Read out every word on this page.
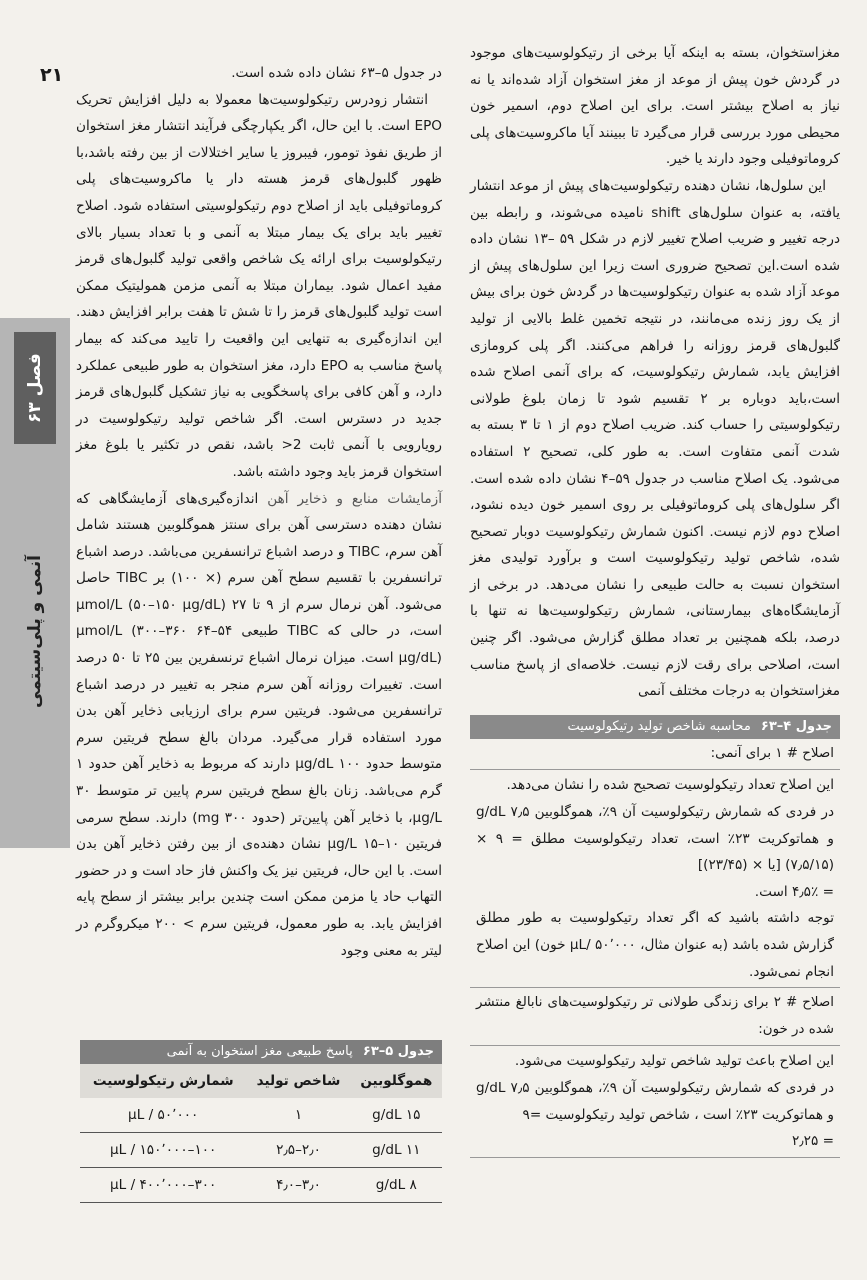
۲۱
فصل ۶۳
آنمی و پلی‌سیتمی

مغزاستخوان، بسته به اینکه آیا برخی از رتیکولوسیت‌های موجود در گردش خون پیش از موعد از مغز استخوان آزاد شده‌اند یا نه نیاز به اصلاح بیشتر است. برای این اصلاح دوم، اسمیر خون محیطی مورد بررسی قرار می‌گیرد تا ببینند آیا ماکروسیت‌های پلی کروماتوفیلی وجود دارند یا خیر.

این سلول‌ها، نشان دهنده رتیکولوسیت‌های پیش از موعد انتشار یافته، به عنوان سلول‌های shift نامیده می‌شوند، و رابطه بین درجه تغییر و ضریب اصلاح تغییر لازم در شکل ۵۹ –۱۳ نشان داده شده است.این تصحیح ضروری است زیرا این سلول‌های پیش از موعد آزاد شده به عنوان رتیکولوسیت‌ها در گردش خون برای بیش از یک روز زنده می‌مانند، در نتیجه تخمین غلط بالایی از تولید گلبول‌های قرمز روزانه را فراهم می‌کنند. اگر پلی کرومازی افزایش یابد، شمارش رتیکولوسیت، که برای آنمی اصلاح شده است،باید دوباره بر ۲ تقسیم شود تا زمان بلوغ طولانی رتیکولوسیتی را حساب کند. ضریب اصلاح دوم از ۱ تا ۳ بسته به شدت آنمی متفاوت است. به طور کلی، تصحیح ۲ استفاده می‌شود. یک اصلاح مناسب در جدول ۵۹–۴ نشان داده شده است. اگر سلول‌های پلی کروماتوفیلی بر روی اسمیر خون دیده نشود، اصلاح دوم لازم نیست. اکنون شمارش رتیکولوسیت دوبار تصحیح شده، شاخص تولید رتیکولوسیت است و برآورد تولیدی مغز استخوان نسبت به حالت طبیعی را نشان می‌دهد. در برخی از آزمایشگاه‌های بیمارستانی، شمارش رتیکولوسیت‌ها نه تنها با درصد، بلکه همچنین بر تعداد مطلق گزارش می‌شود. اگر چنین است، اصلاحی برای رقت لازم نیست. خلاصه‌ای از پاسخ مناسب مغزاستخوان به درجات مختلف آنمی

جدول ۴–۶۳ محاسبه شاخص تولید رتیکولوسیت

اصلاح # ۱ برای آنمی:

این اصلاح تعداد رتیکولوسیت تصحیح شده را نشان می‌دهد.

در فردی که شمارش رتیکولوسیت آن ۹٪، هموگلوبین ۷٫۵ g/dL و هماتوکریت ۲۳٪ است، تعداد رتیکولوسیت مطلق = ۹ × (۷٫۵/۱۵) [یا × (۲۳/۴۵)]

= ۴٫۵٪ است.

توجه داشته باشید که اگر تعداد رتیکولوسیت به طور مطلق گزارش شده باشد (به عنوان مثال، ۵۰٬۰۰۰ /µL خون) این اصلاح انجام نمی‌شود.

اصلاح # ۲ برای زندگی طولانی تر رتیکولوسیت‌های نابالغ منتشر شده در خون:

این اصلاح باعث تولید شاخص تولید رتیکولوسیت می‌شود.

در فردی که شمارش رتیکولوسیت آن ۹٪، هموگلوبین ۷٫۵ g/dL و هماتوکریت ۲۳٪ است ، شاخص تولید رتیکولوسیت =۹

= ۲٫۲۵

در جدول ۵–۶۳ نشان داده شده است.

انتشار زودرس رتیکولوسیت‌ها معمولا به دلیل افزایش تحریک EPO است. با این حال، اگر یکپارچگی فرآیند انتشار مغز استخوان از طریق نفوذ تومور، فیبروز یا سایر اختلالات از بین رفته باشد،با ظهور گلبول‌های قرمز هسته دار یا ماکروسیت‌های پلی کروماتوفیلی باید از اصلاح دوم رتیکولوسیتی استفاده شود. اصلاح تغییر باید برای یک بیمار مبتلا به آنمی و با تعداد بسیار بالای رتیکولوسیت برای ارائه یک شاخص واقعی تولید گلبول‌های قرمز مفید اعمال شود. بیماران مبتلا به آنمی مزمن همولیتیک ممکن است تولید گلبول‌های قرمز را تا شش تا هفت برابر افزایش دهند. این اندازه‌گیری به تنهایی این واقعیت را تایید می‌کند که بیمار پاسخ مناسب به EPO دارد، مغز استخوان به طور طبیعی عملکرد دارد، و آهن کافی برای پاسخگویی به نیاز تشکیل گلبول‌های قرمز جدید در دسترس است. اگر شاخص تولید رتیکولوسیت در رویارویی با آنمی ثابت ‎>2‎ باشد، نقص در تکثیر یا بلوغ مغز استخوان قرمز باید وجود داشته باشد.

آزمایشات منابع و ذخایر آهن اندازه‌گیری‌های آزمایشگاهی که نشان دهنده دسترسی آهن برای سنتز هموگلوبین هستند شامل آهن سرم، TIBC و درصد اشباع ترانسفرین می‌باشد. درصد اشباع ترانسفرین با تقسیم سطح آهن سرم (× ۱۰۰) بر TIBC حاصل می‌شود. آهن نرمال سرم از ۹ تا ۲۷ µmol/L (۵۰–۱۵۰ µg/dL) است، در حالی که TIBC طبیعی ۵۴–۶۴ µmol/L (۳۰۰–۳۶۰ µg/dL) است. میزان نرمال اشباع ترنسفرین بین ۲۵ تا ۵۰ درصد است. تغییرات روزانه آهن سرم منجر به تغییر در درصد اشباع ترانسفرین می‌شود. فریتین سرم برای ارزیابی ذخایر آهن بدن مورد استفاده قرار می‌گیرد. مردان بالغ سطح فریتین سرم متوسط حدود ۱۰۰ µg/dL دارند که مربوط به ذخایر آهن حدود ۱ گرم می‌باشد. زنان بالغ سطح فریتین سرم پایین تر متوسط ۳۰ µg/L، با ذخایر آهن پایین‌تر (حدود ۳۰۰ mg) دارند. سطح سرمی فریتین ۱۰–۱۵ µg/L نشان دهنده‌ی از بین رفتن ذخایر آهن بدن است. با این حال، فریتین نیز یک واکنش فاز حاد است و در حضور التهاب حاد یا مزمن ممکن است چندین برابر بیشتر از سطح پایه افزایش یابد. به طور معمول، فریتین سرم > ۲۰۰ میکروگرم در لیتر به معنی وجود

جدول ۵–۶۳ پاسخ طبیعی مغز استخوان به آنمی
هموگلوبین	شاخص تولید	شمارش رتیکولوسیت
۱۵ g/dL	۱	۵۰٬۰۰۰ / µL
۱۱ g/dL	۲٫۰–۲٫۵	۱۰۰–۱۵۰٬۰۰۰ / µL
۸ g/dL	۳٫۰–۴٫۰	۳۰۰–۴۰۰٬۰۰۰ / µL
